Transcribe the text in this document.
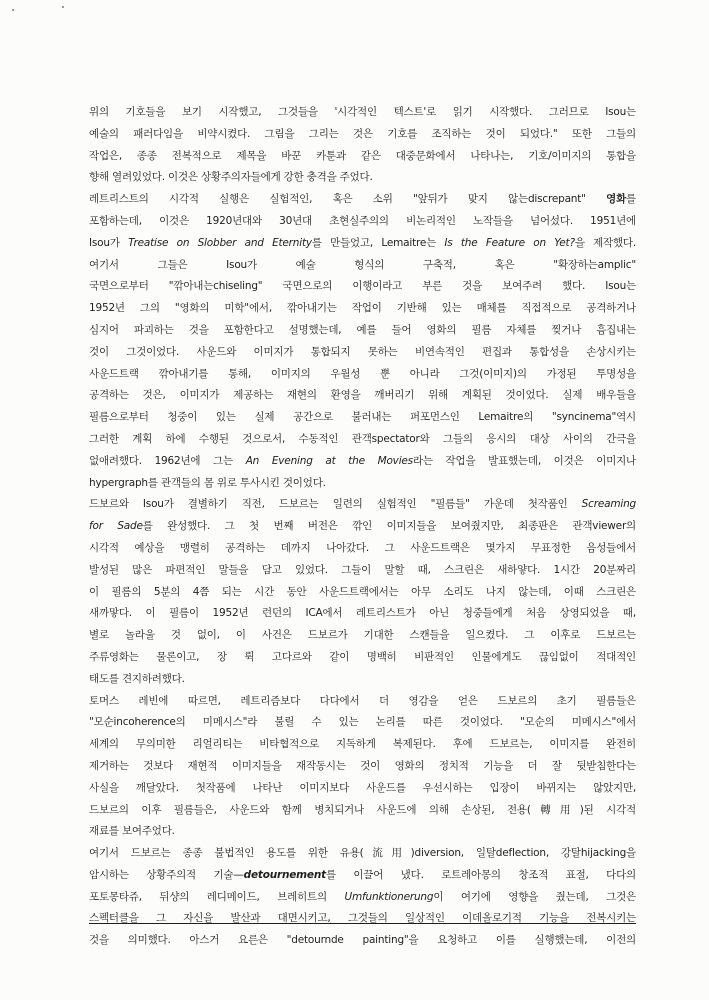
위의 기호들을 보기 시작했고, 그것들을 '시각적인 텍스트'로 읽기 시작했다. 그러므로 Isou는
예술의 패러다임을 비약시켰다. 그림을 그리는 것은 기호를 조직하는 것이 되었다." 또한 그들의
작업은, 종종 전복적으로 제목을 바꾼 카툰과 같은 대중문화에서 나타나는, 기호/이미지의 통합을
향해 열려있었다. 이것은 상황주의자들에게 강한 충격을 주었다.
레트리스트의 시각적 실행은 실험적인, 혹은 소위 "앞뒤가 맞지 않는discrepant" 영화를
포함하는데, 이것은 1920년대와 30년대 초현실주의의 비논리적인 노작들을 넘어섰다. 1951년에
Isou가 Treatise on Slobber and Eternity를 만들었고, Lemaitre는 Is the Feature on Yet?을 제작했다.
여기서 그들은 Isou가 예술 형식의 구축적, 혹은 "확장하는amplic"
국면으로부터 "깎아내는chiseling" 국면으로의 이행이라고 부른 것을 보여주려 했다. Isou는
1952년 그의 "영화의 미학"에서, 깎아내기는 작업이 기반해 있는 매체를 직접적으로 공격하거나
심지어 파괴하는 것을 포함한다고 설명했는데, 예를 들어 영화의 필름 자체를 찢거나 흠집내는
것이 그것이었다. 사운드와 이미지가 통합되지 못하는 비연속적인 편집과 통합성을 손상시키는
사운드트랙 깎아내기를 통해, 이미지의 우월성 뿐 아니라 그것(이미지)의 가정된 투명성을
공격하는 것은, 이미지가 제공하는 재현의 환영을 깨버리기 위해 계획된 것이었다. 실제 배우들을
필름으로부터 청중이 있는 실제 공간으로 불러내는 퍼포먼스인 Lemaitre의 "syncinema"역시
그러한 계획 하에 수행된 것으로서, 수동적인 관객spectator와 그들의 응시의 대상 사이의 간극을
없애려했다. 1962년에 그는 An Evening at the Movies라는 작업을 발표했는데, 이것은 이미지나
hypergraph를 관객들의 몸 위로 투사시킨 것이었다.
드보르와 Isou가 결별하기 직전, 드보르는 일련의 실험적인 "필름들" 가운데 첫작품인 Screaming
for Sade를 완성했다. 그 첫 번째 버전은 깎인 이미지들을 보여줬지만, 최종판은 관객viewer의
시각적 예상을 맹렬히 공격하는 데까지 나아갔다. 그 사운드트랙은 몇가지 무표정한 음성들에서
발성된 많은 파편적인 말들을 담고 있었다. 그들이 말할 때, 스크린은 새하얗다. 1시간 20분짜리
이 필름의 5분의 4쯤 되는 시간 동안 사운드트랙에서는 아무 소리도 나지 않는데, 이때 스크린은
새까맣다. 이 필름이 1952년 런던의 ICA에서 레트리스트가 아닌 청중들에게 처음 상영되었을 때,
별로 놀라울 것 없이, 이 사건은 드보르가 기대한 스캔들을 일으켰다. 그 이후로 드보르는
주류영화는 물론이고, 장 뤽 고다르와 같이 명백히 비판적인 인물에게도 끊임없이 적대적인
태도를 견지하려했다.
토머스 레빈에 따르면, 레트리즘보다 다다에서 더 영감을 얻은 드보르의 초기 필름들은
"모순incoherence의 미메시스"라 불릴 수 있는 논리를 따른 것이었다. "모순의 미메시스"에서
세계의 무의미한 리얼리티는 비타협적으로 지독하게 복제된다. 후에 드보르는, 이미지를 완전히
제거하는 것보다 재현적 이미지들을 재작동시는 것이 영화의 정치적 기능을 더 잘 뒷받침한다는
사실을 깨달았다. 첫작품에 나타난 이미지보다 사운드를 우선시하는 입장이 바뀌지는 않았지만,
드보르의 이후 필름들은, 사운드와 함께 병치되거나 사운드에 의해 손상된, 전용(轉用)된 시각적
재료를 보여주었다.
여기서 드보르는 종종 불법적인 용도를 위한 유용(流用)diversion, 일탈deflection, 강탈hijacking을
암시하는 상황주의적 기술—detournement를 이끌어 냈다. 로트레아몽의 창조적 표절, 다다의
포토몽타쥬, 뒤샹의 레디메이드, 브레히트의 Umfunktionerung이 여기에 영향을 줬는데, 그것은
스펙터클을 그 자신을 발산과 대면시키고, 그것들의 일상적인 이데올로기적 기능을 전복시키는
것을 의미했다. 아스거 요른은 "detournde painting"을 요청하고 이를 실행했는데, 이전의
